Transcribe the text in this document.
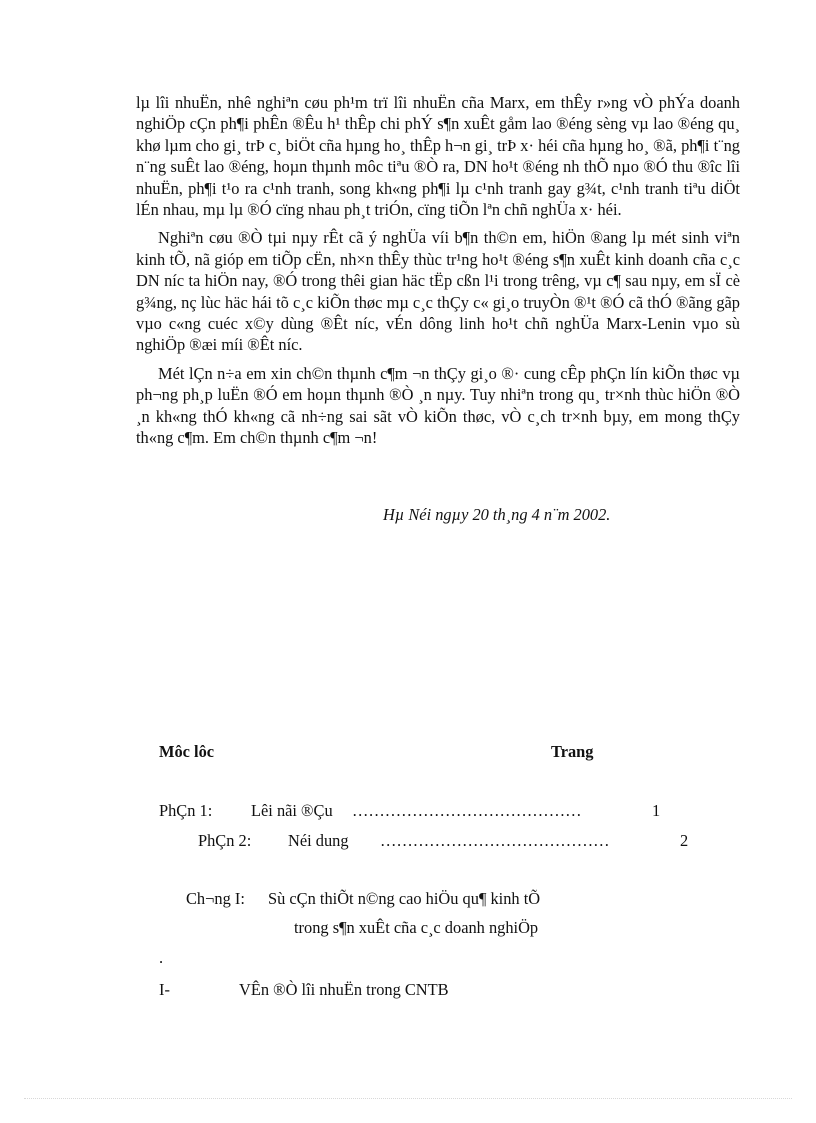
lµ lîi nhuËn, nhê nghiªn cøu ph¹m trï lîi nhuËn cña Marx, em thÊy r»ng vÒ phÝa doanh nghiÖp cÇn ph¶i phÊn ®Êu h¹ thÊp chi phÝ s¶n xuÊt gåm lao ®éng sèng vµ lao ®éng qu¸ khø lµm cho gi¸ trÞ c¸ biÖt cña hµng ho¸ thÊp h¬n gi¸ trÞ x· héi cña hµng ho¸ ®ã, ph¶i t¨ng n¨ng suÊt lao ®éng, hoµn thµnh môc tiªu ®Ò ra, DN ho¹t ®éng nh thÕ nµo ®Ó thu ®îc lîi nhuËn, ph¶i t¹o ra c¹nh tranh, song kh«ng ph¶i lµ c¹nh tranh gay g¾t, c¹nh tranh tiªu diÖt lÉn nhau, mµ lµ ®Ó cïng nhau ph¸t triÓn, cïng tiÕn lªn chñ nghÜa x· héi.

Nghiªn cøu ®Ò tµi nµy rÊt cã ý nghÜa víi b¶n th©n em, hiÖn ®ang lµ mét sinh viªn kinh tÕ, nã gióp em tiÕp cËn, nh×n thÊy thùc tr¹ng ho¹t ®éng s¶n xuÊt kinh doanh cña c¸c DN níc ta hiÖn nay, ®Ó trong thêi gian häc tËp cßn l¹i trong trêng, vµ c¶ sau nµy, em sÏ cè g¾ng, nç lùc häc hái tõ c¸c kiÕn thøc mµ c¸c thÇy c« gi¸o truyÒn ®¹t ®Ó cã thÓ ®ãng gãp vµo c«ng cuéc x©y dùng ®Êt níc, vÉn dông linh ho¹t chñ nghÜa Marx-Lenin vµo sù nghiÖp ®æi míi ®Êt níc.

Mét lÇn n÷a em xin ch©n thµnh c¶m ¬n thÇy gi¸o ®· cung cÊp phÇn lín kiÕn thøc vµ ph¬ng ph¸p luËn ®Ó em hoµn thµnh ®Ò ¸n nµy. Tuy nhiªn trong qu¸ tr×nh thùc hiÖn ®Ò ¸n kh«ng thÓ kh«ng cã nh÷ng sai sãt vÒ kiÕn thøc, vÒ c¸ch tr×nh bµy, em mong thÇy th«ng c¶m. Em ch©n thµnh c¶m ¬n!

Hµ Néi ngµy 20 th¸ng 4 n¨m 2002.
Môc lôc	Trang
PhÇn 1: Lêi nãi ®Çu ……………………………………	1
PhÇn 2: Néi dung ……………………………………	2
Ch¬ng I: Sù cÇn thiÕt n©ng cao hiÖu qu¶ kinh tÕ
trong s¶n xuÊt cña c¸c doanh nghiÖp
.
I-	VÊn ®Ò lîi nhuËn trong CNTB
